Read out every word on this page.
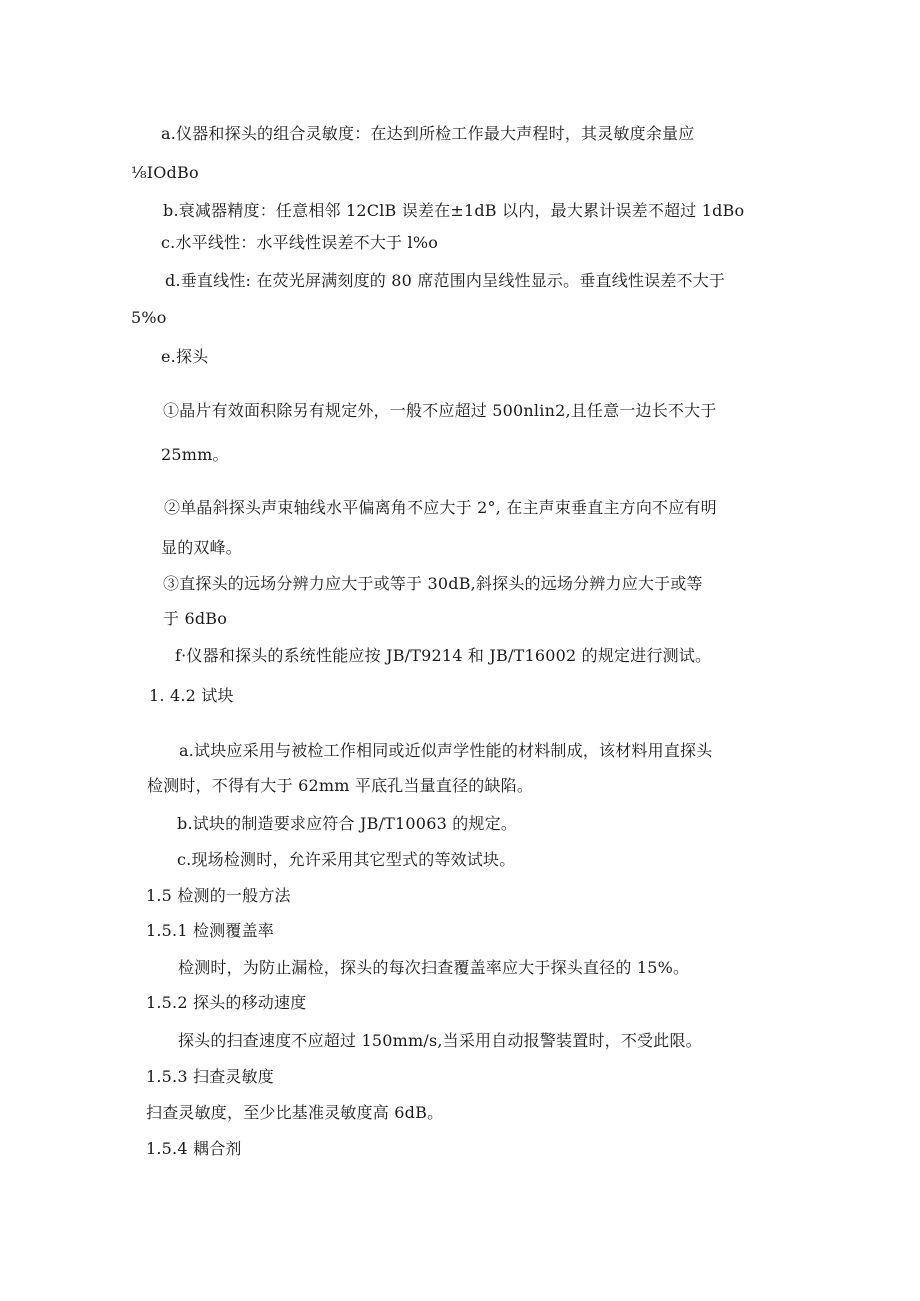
a.仪器和探头的组合灵敏度：在达到所检工作最大声程时，其灵敏度余量应
⅛IOdBo
b.衰减器精度：任意相邻 12ClB 误差在±1dB 以内，最大累计误差不超过 1dBo
c.水平线性：水平线性误差不大于 l%o
d.垂直线性: 在荧光屏满刻度的 80 席范围内呈线性显示。垂直线性误差不大于
5%o
e.探头
①晶片有效面积除另有规定外，一般不应超过 500nlin2,且任意一边长不大于
25mm。
②单晶斜探头声束轴线水平偏离角不应大于 2°, 在主声束垂直主方向不应有明
显的双峰。
③直探头的远场分辨力应大于或等于 30dB,斜探头的远场分辨力应大于或等
于 6dBo
f·仪器和探头的系统性能应按 JB/T9214 和 JB/T16002 的规定进行测试。
1. 4.2 试块
a.试块应采用与被检工作相同或近似声学性能的材料制成，该材料用直探头
检测时，不得有大于 62mm 平底孔当量直径的缺陷。
b.试块的制造要求应符合 JB/T10063 的规定。
c.现场检测时，允许采用其它型式的等效试块。
1.5 检测的一般方法
1.5.1 检测覆盖率
检测时，为防止漏检，探头的每次扫查覆盖率应大于探头直径的 15%。
1.5.2 探头的移动速度
探头的扫查速度不应超过 150mm∕s,当采用自动报警装置时，不受此限。
1.5.3 扫查灵敏度
扫查灵敏度，至少比基准灵敏度高 6dB。
1.5.4 耦合剂
